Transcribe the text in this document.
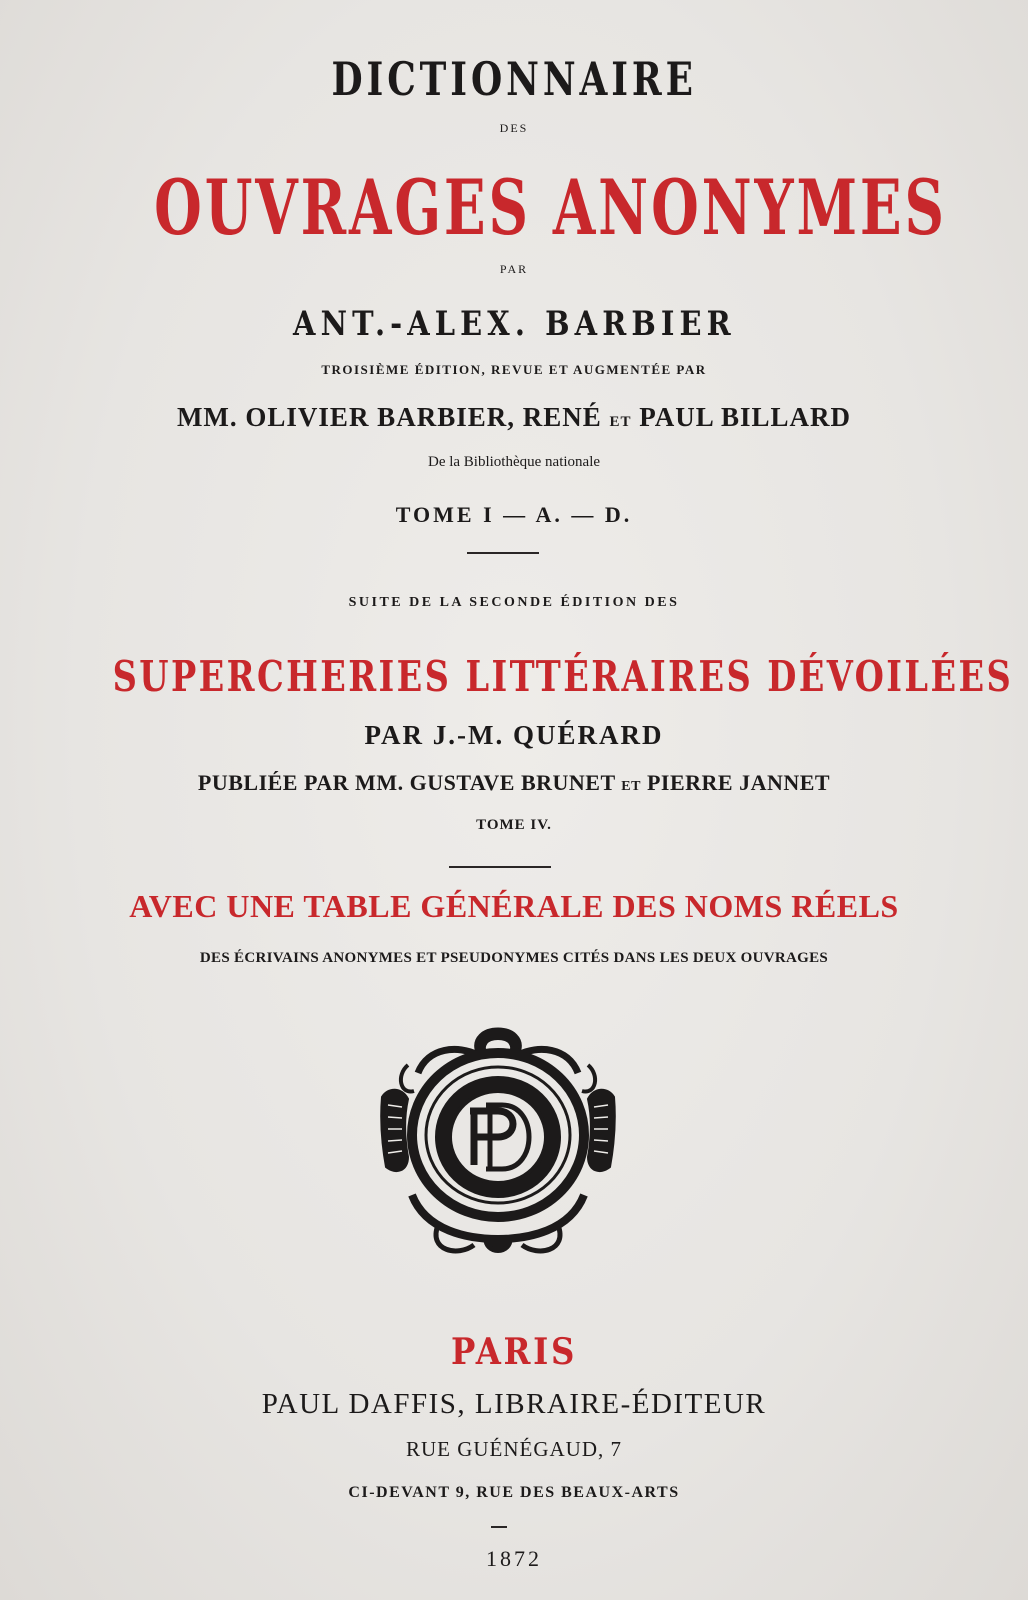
DICTIONNAIRE

DES

OUVRAGES ANONYMES

PAR

ANT.-ALEX. BARBIER

TROISIÈME ÉDITION, REVUE ET AUGMENTÉE PAR

MM. OLIVIER BARBIER, RENÉ ET PAUL BILLARD

De la Bibliothèque nationale

TOME I — A. — D.

SUITE DE LA SECONDE ÉDITION DES

SUPERCHERIES LITTÉRAIRES DÉVOILÉES

PAR J.-M. QUÉRARD

PUBLIÉE PAR MM. GUSTAVE BRUNET ET PIERRE JANNET

TOME IV.

AVEC UNE TABLE GÉNÉRALE DES NOMS RÉELS

DES ÉCRIVAINS ANONYMES ET PSEUDONYMES CITÉS DANS LES DEUX OUVRAGES

PARIS

PAUL DAFFIS, LIBRAIRE-ÉDITEUR

RUE GUÉNÉGAUD, 7

CI-DEVANT 9, RUE DES BEAUX-ARTS

1872
